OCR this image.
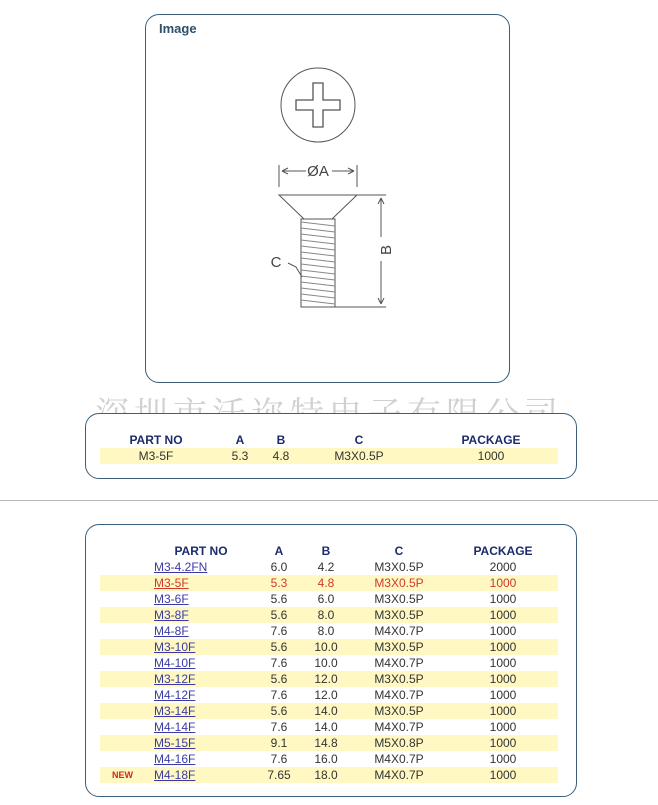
Image
ØA
B
C
PART NO	A	B	C	PACKAGE
M3-5F	5.3	4.8	M3X0.5P	1000
	PART NO	A	B	C	PACKAGE
	M3-4.2FN	6.0	4.2	M3X0.5P	2000
	M3-5F	5.3	4.8	M3X0.5P	1000
	M3-6F	5.6	6.0	M3X0.5P	1000
	M3-8F	5.6	8.0	M3X0.5P	1000
	M4-8F	7.6	8.0	M4X0.7P	1000
	M3-10F	5.6	10.0	M3X0.5P	1000
	M4-10F	7.6	10.0	M4X0.7P	1000
	M3-12F	5.6	12.0	M3X0.5P	1000
	M4-12F	7.6	12.0	M4X0.7P	1000
	M3-14F	5.6	14.0	M3X0.5P	1000
	M4-14F	7.6	14.0	M4X0.7P	1000
	M5-15F	9.1	14.8	M5X0.8P	1000
	M4-16F	7.6	16.0	M4X0.7P	1000
NEW	M4-18F	7.65	18.0	M4X0.7P	1000
